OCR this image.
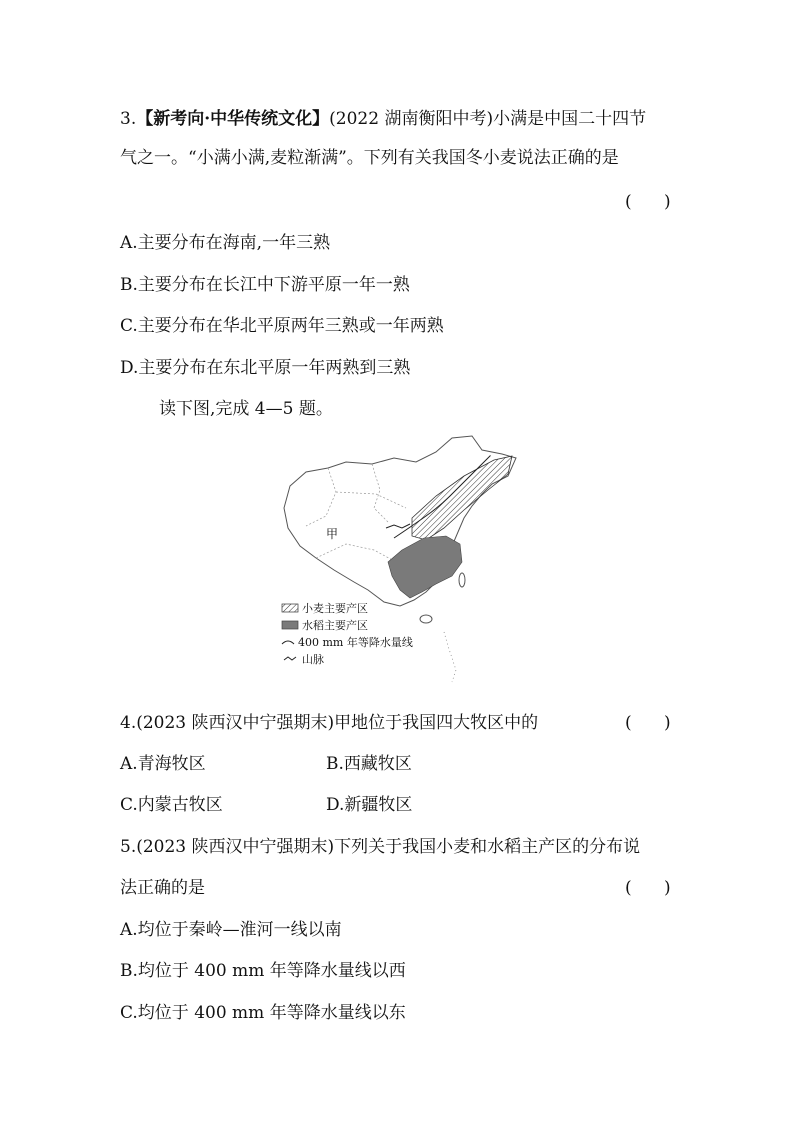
3.【新考向·中华传统文化】(2022 湖南衡阳中考)小满是中国二十四节
气之一。“小满小满,麦粒渐满”。下列有关我国冬小麦说法正确的是
(      )
A.主要分布在海南,一年三熟
B.主要分布在长江中下游平原一年一熟
C.主要分布在华北平原两年三熟或一年两熟
D.主要分布在东北平原一年两熟到三熟
读下图,完成 4—5 题。
甲
小麦主要产区
水稻主要产区
400 mm 年等降水量线
山脉
4.(2023 陕西汉中宁强期末)甲地位于我国四大牧区中的	(      )
A.青海牧区	B.西藏牧区
C.内蒙古牧区	D.新疆牧区
5.(2023 陕西汉中宁强期末)下列关于我国小麦和水稻主产区的分布说
法正确的是	(      )
A.均位于秦岭—淮河一线以南
B.均位于 400 mm 年等降水量线以西
C.均位于 400 mm 年等降水量线以东
